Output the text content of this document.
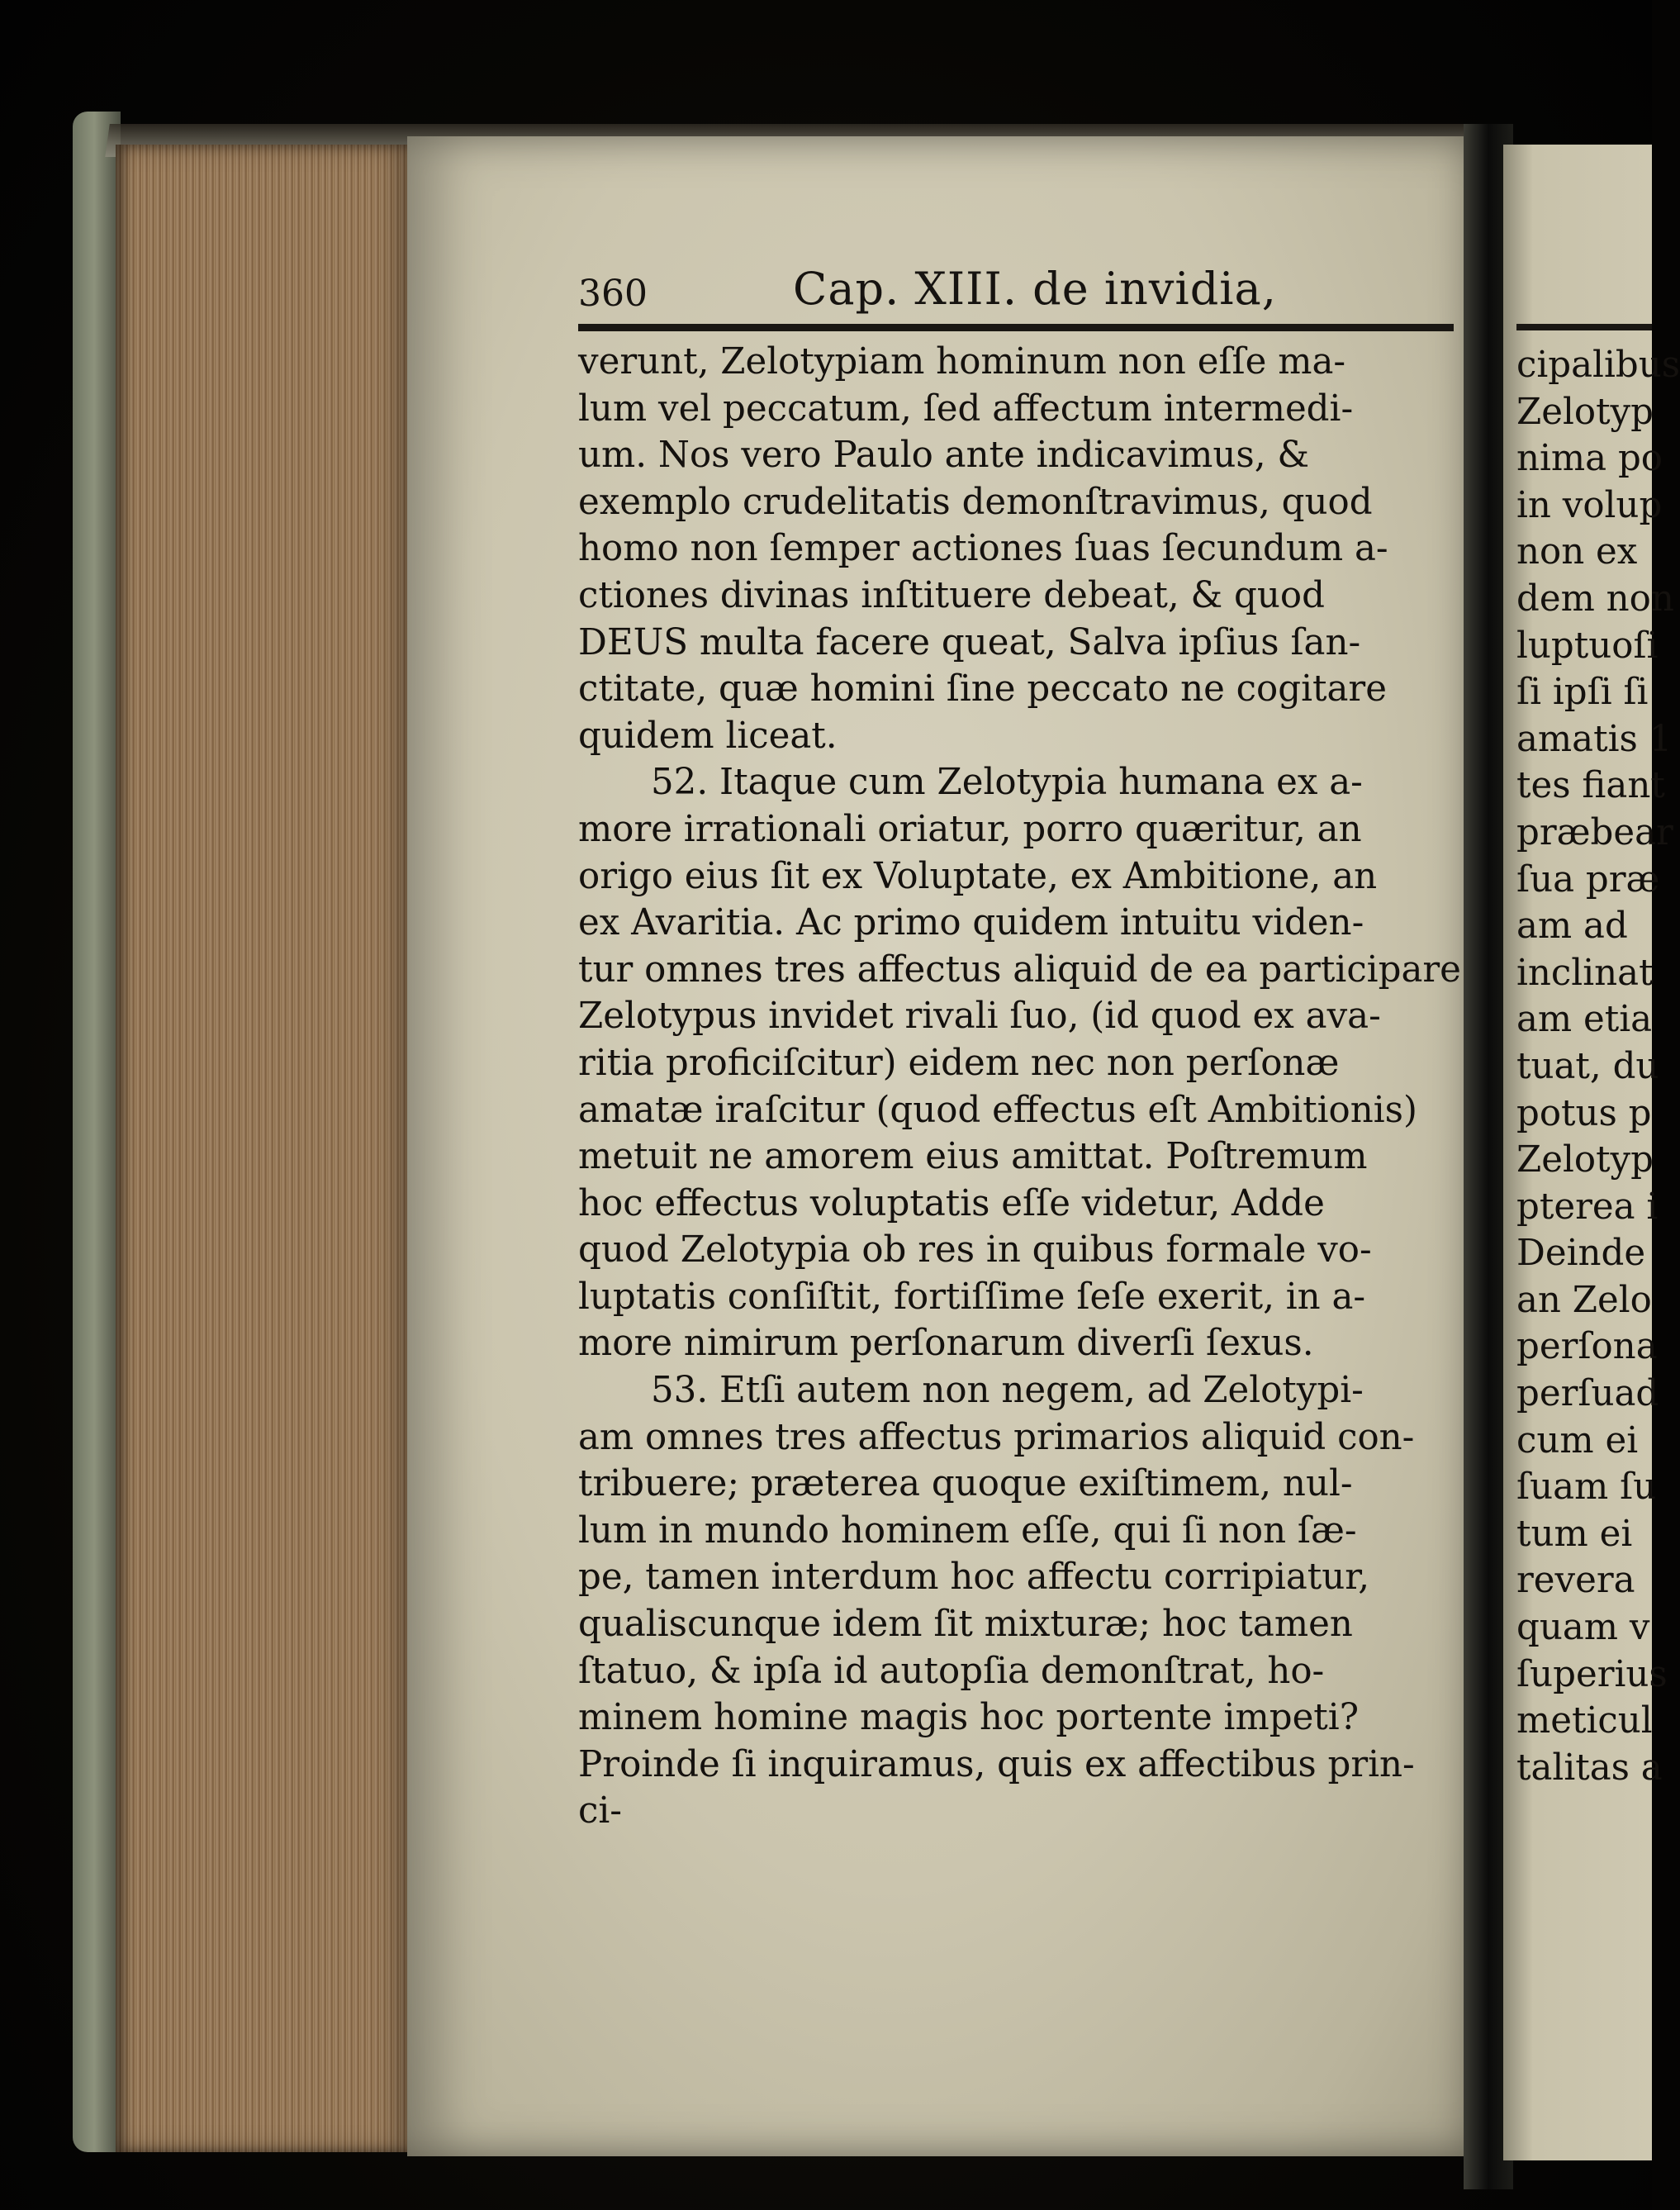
360	Cap. XIII. de invidia,
verunt, Zelotypiam hominum non eſſe ma-
lum vel peccatum, ſed affectum intermedi-
um. Nos vero Paulo ante indicavimus, &
exemplo crudelitatis demonſtravimus, quod
homo non ſemper actiones ſuas ſecundum a-
ctiones divinas inſtituere debeat, & quod
DEUS multa facere queat, Salva ipſius ſan-
ctitate, quæ homini ſine peccato ne cogitare
quidem liceat.
52. Itaque cum Zelotypia humana ex a-
more irrationali oriatur, porro quæritur, an
origo eius ſit ex Voluptate, ex Ambitione, an
ex Avaritia. Ac primo quidem intuitu viden-
tur omnes tres affectus aliquid de ea participare
Zelotypus invidet rivali ſuo, (id quod ex ava-
ritia proficiſcitur) eidem nec non perſonæ
amatæ iraſcitur (quod effectus eſt Ambitionis)
metuit ne amorem eius amittat. Poſtremum
hoc effectus voluptatis eſſe videtur, Adde
quod Zelotypia ob res in quibus formale vo-
luptatis conſiſtit, fortiſſime ſeſe exerit, in a-
more nimirum perſonarum diverſi ſexus.
53. Etſi autem non negem, ad Zelotypi-
am omnes tres affectus primarios aliquid con-
tribuere; præterea quoque exiſtimem, nul-
lum in mundo hominem eſſe, qui ſi non ſæ-
pe, tamen interdum hoc affectu corripiatur,
qualiscunque idem ſit mixturæ; hoc tamen
ſtatuo, & ipſa id autopſia demonſtrat, ho-
minem homine magis hoc portente impeti?
Proinde ſi inquiramus, quis ex affectibus prin-
ci-
cipalibus
Zelotyp
nima po
in volup
non ex
dem non
luptuoſi
ſi ipſi ſi
amatis 1
tes fiant
præbear
ſua præ
am ad
inclinat
am etia
tuat, du
potus p
Zelotyp
pterea i
Deinde
an Zelo
perſona
perſuad
cum ei
ſuam ſu
tum ei
revera
quam v
ſuperius
meticul
talitas a
